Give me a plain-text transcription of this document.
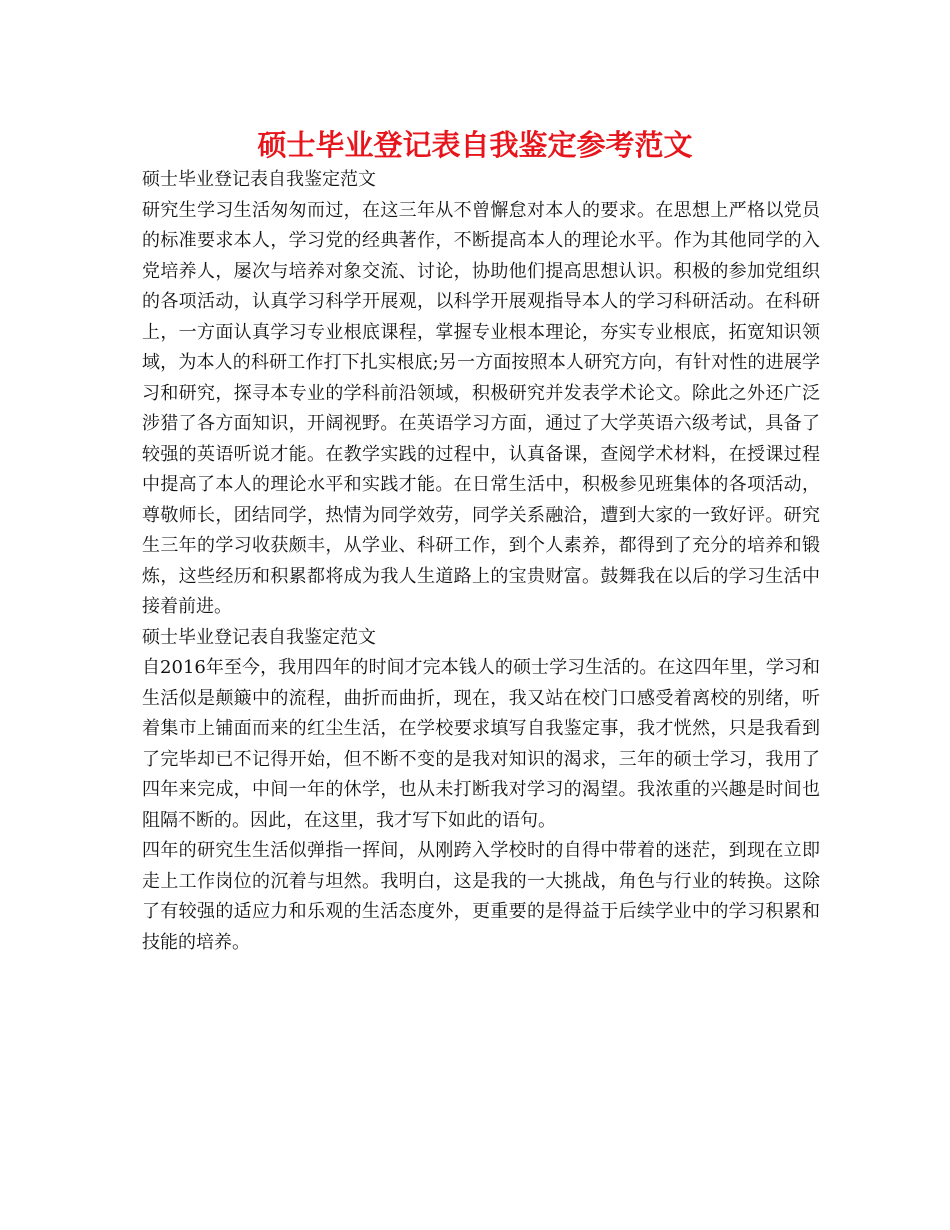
硕士毕业登记表自我鉴定参考范文

硕士毕业登记表自我鉴定范文

研究生学习生活匆匆而过，在这三年从不曾懈怠对本人的要求。在思想上严格以党员的标准要求本人，学习党的经典著作，不断提高本人的理论水平。作为其他同学的入党培养人，屡次与培养对象交流、讨论，协助他们提高思想认识。积极的参加党组织的各项活动，认真学习科学开展观，以科学开展观指导本人的学习科研活动。在科研上，一方面认真学习专业根底课程，掌握专业根本理论，夯实专业根底，拓宽知识领域，为本人的科研工作打下扎实根底;另一方面按照本人研究方向，有针对性的进展学习和研究，探寻本专业的学科前沿领域，积极研究并发表学术论文。除此之外还广泛涉猎了各方面知识，开阔视野。在英语学习方面，通过了大学英语六级考试，具备了较强的英语听说才能。在教学实践的过程中，认真备课，查阅学术材料，在授课过程中提高了本人的理论水平和实践才能。在日常生活中，积极参见班集体的各项活动，尊敬师长，团结同学，热情为同学效劳，同学关系融洽，遭到大家的一致好评。研究生三年的学习收获颇丰，从学业、科研工作，到个人素养，都得到了充分的培养和锻炼，这些经历和积累都将成为我人生道路上的宝贵财富。鼓舞我在以后的学习生活中接着前进。

硕士毕业登记表自我鉴定范文

自2016年至今，我用四年的时间才完本钱人的硕士学习生活的。在这四年里，学习和生活似是颠簸中的流程，曲折而曲折，现在，我又站在校门口感受着离校的别绪，听着集市上铺面而来的红尘生活，在学校要求填写自我鉴定事，我才恍然，只是我看到了完毕却已不记得开始，但不断不变的是我对知识的渴求，三年的硕士学习，我用了四年来完成，中间一年的休学，也从未打断我对学习的渴望。我浓重的兴趣是时间也阻隔不断的。因此，在这里，我才写下如此的语句。

四年的研究生生活似弹指一挥间，从刚跨入学校时的自得中带着的迷茫，到现在立即走上工作岗位的沉着与坦然。我明白，这是我的一大挑战，角色与行业的转换。这除了有较强的适应力和乐观的生活态度外，更重要的是得益于后续学业中的学习积累和技能的培养。
